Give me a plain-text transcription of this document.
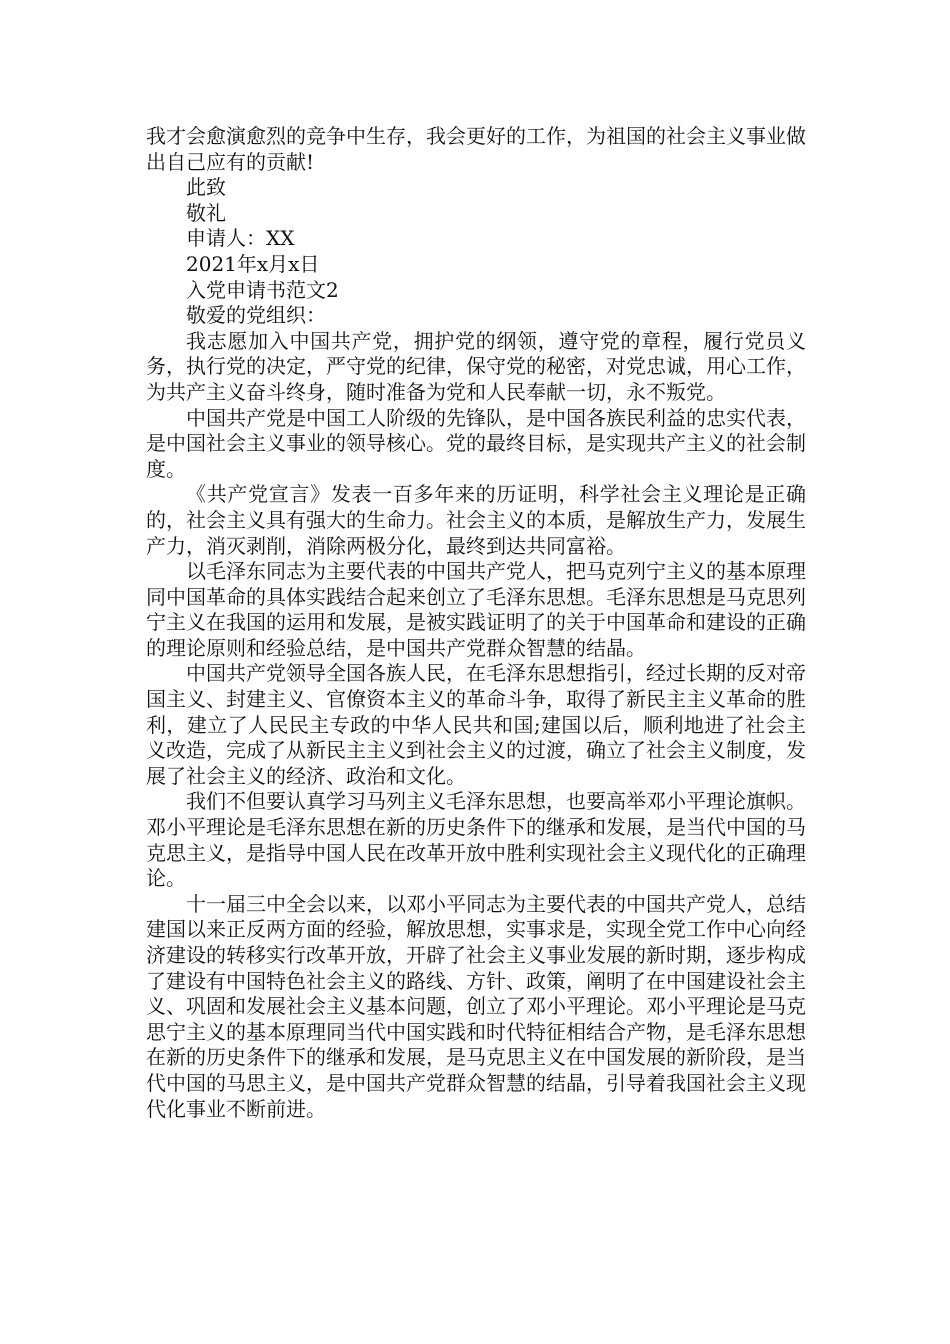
我才会愈演愈烈的竞争中生存，我会更好的工作，为祖国的社会主义事业做出自己应有的贡献!

此致

敬礼

申请人：XX

2021年x月x日

入党申请书范文2

敬爱的党组织：

我志愿加入中国共产党，拥护党的纲领，遵守党的章程，履行党员义务，执行党的决定，严守党的纪律，保守党的秘密，对党忠诚，用心工作，为共产主义奋斗终身，随时准备为党和人民奉献一切，永不叛党。

中国共产党是中国工人阶级的先锋队，是中国各族民利益的忠实代表，是中国社会主义事业的领导核心。党的最终目标，是实现共产主义的社会制度。

《共产党宣言》发表一百多年来的历证明，科学社会主义理论是正确的，社会主义具有强大的生命力。社会主义的本质，是解放生产力，发展生产力，消灭剥削，消除两极分化，最终到达共同富裕。

以毛泽东同志为主要代表的中国共产党人，把马克列宁主义的基本原理同中国革命的具体实践结合起来创立了毛泽东思想。毛泽东思想是马克思列宁主义在我国的运用和发展，是被实践证明了的关于中国革命和建设的正确的理论原则和经验总结，是中国共产党群众智慧的结晶。

中国共产党领导全国各族人民，在毛泽东思想指引，经过长期的反对帝国主义、封建主义、官僚资本主义的革命斗争，取得了新民主主义革命的胜利，建立了人民民主专政的中华人民共和国;建国以后，顺利地进了社会主义改造，完成了从新民主主义到社会主义的过渡，确立了社会主义制度，发展了社会主义的经济、政治和文化。

我们不但要认真学习马列主义毛泽东思想，也要高举邓小平理论旗帜。邓小平理论是毛泽东思想在新的历史条件下的继承和发展，是当代中国的马克思主义，是指导中国人民在改革开放中胜利实现社会主义现代化的正确理论。

十一届三中全会以来，以邓小平同志为主要代表的中国共产党人，总结建国以来正反两方面的经验，解放思想，实事求是，实现全党工作中心向经济建设的转移实行改革开放，开辟了社会主义事业发展的新时期，逐步构成了建设有中国特色社会主义的路线、方针、政策，阐明了在中国建设社会主义、巩固和发展社会主义基本问题，创立了邓小平理论。邓小平理论是马克思宁主义的基本原理同当代中国实践和时代特征相结合产物，是毛泽东思想在新的历史条件下的继承和发展，是马克思主义在中国发展的新阶段，是当代中国的马思主义，是中国共产党群众智慧的结晶，引导着我国社会主义现代化事业不断前进。
